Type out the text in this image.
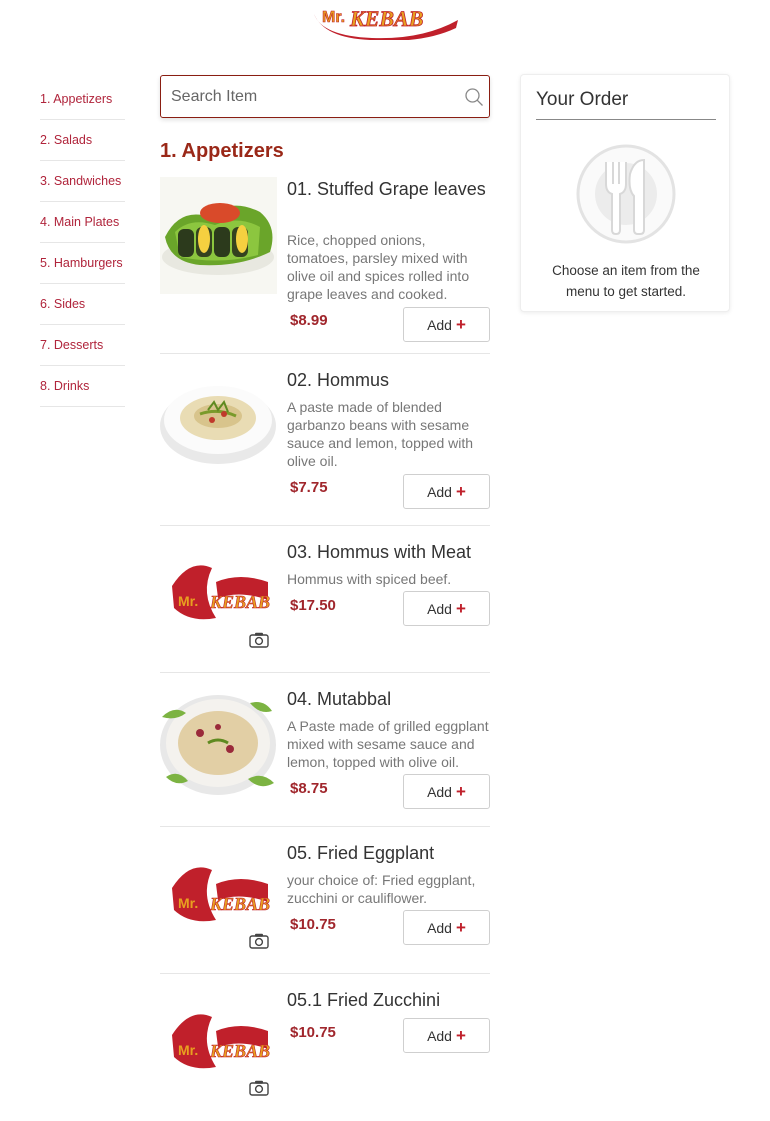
Mr. KEBAB
1. Appetizers
2. Salads
3. Sandwiches
4. Main Plates
5. Hamburgers
6. Sides
7. Desserts
8. Drinks
Search Item
1. Appetizers
01. Stuffed Grape leaves
Rice, chopped onions, tomatoes, parsley mixed with olive oil and spices rolled into grape leaves and cooked.
$8.99	Add +
02. Hommus
A paste made of blended garbanzo beans with sesame sauce and lemon, topped with olive oil.
$7.75	Add +
Mr. KEBAB
03. Hommus with Meat
Hommus with spiced beef.
$17.50	Add +
04. Mutabbal
A Paste made of grilled eggplant mixed with sesame sauce and lemon, topped with olive oil.
$8.75	Add +
Mr. KEBAB
05. Fried Eggplant
your choice of: Fried eggplant, zucchini or cauliflower.
$10.75	Add +
Mr. KEBAB
05.1 Fried Zucchini
$10.75	Add +
Your Order
Choose an item from the menu to get started.
